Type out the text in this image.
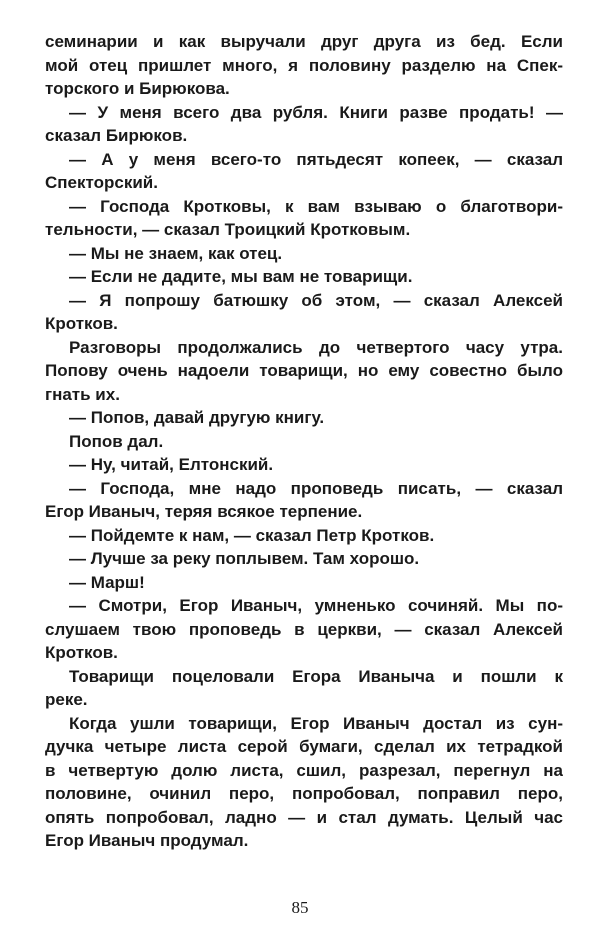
семинарии и как выручали друг друга из бед. Если
мой отец пришлет много, я половину разделю на Спек-
торского и Бирюкова.
— У меня всего два рубля. Книги разве продать! —
сказал Бирюков.
— А у меня всего-то пятьдесят копеек, — сказал
Спекторский.
— Господа Кротковы, к вам взываю о благотвори-
тельности, — сказал Троицкий Кротковым.
— Мы не знаем, как отец.
— Если не дадите, мы вам не товарищи.
— Я попрошу батюшку об этом, — сказал Алексей
Кротков.
Разговоры продолжались до четвертого часу утра.
Попову очень надоели товарищи, но ему совестно было
гнать их.
— Попов, давай другую книгу.
Попов дал.
— Ну, читай, Елтонский.
— Господа, мне надо проповедь писать, — сказал
Егор Иваныч, теряя всякое терпение.
— Пойдемте к нам, — сказал Петр Кротков.
— Лучше за реку поплывем. Там хорошо.
— Марш!
— Смотри, Егор Иваныч, умненько сочиняй. Мы по-
слушаем твою проповедь в церкви, — сказал Алексей
Кротков.
Товарищи поцеловали Егора Иваныча и пошли к
реке.
Когда ушли товарищи, Егор Иваныч достал из сун-
дучка четыре листа серой бумаги, сделал их тетрадкой
в четвертую долю листа, сшил, разрезал, перегнул на
половине, очинил перо, попробовал, поправил перо,
опять попробовал, ладно — и стал думать. Целый час
Егор Иваныч продумал.
85
